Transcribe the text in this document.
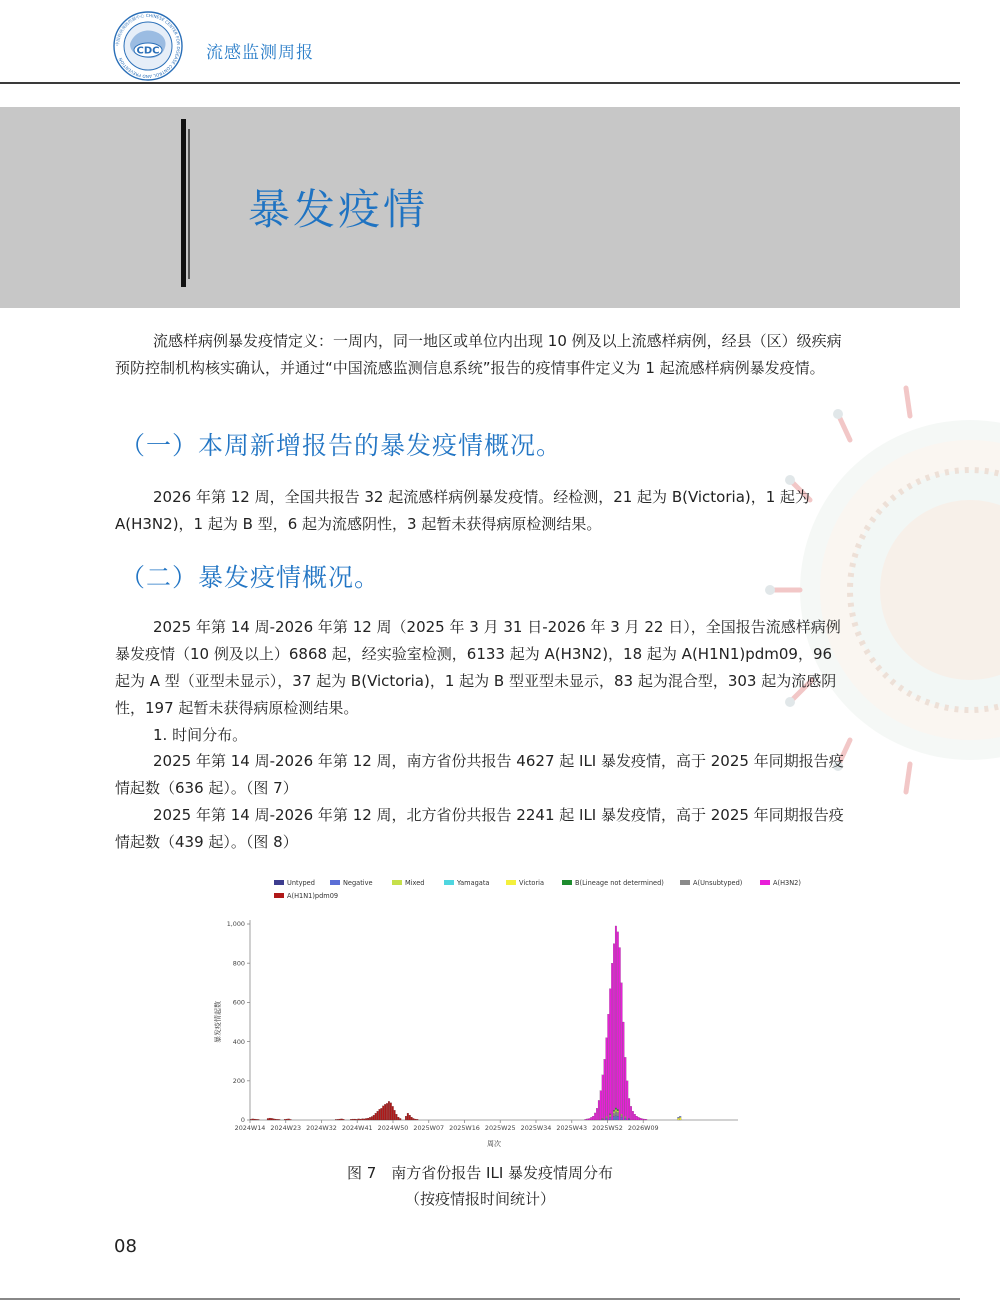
CDC
中国疾病预防控制中心 CHINESE CENTER FOR DISEASE CONTROL AND PREVENTION	流感监测周报
暴发疫情
流感样病例暴发疫情定义：一周内，同一地区或单位内出现 10 例及以上流感样病例，经县（区）级疾病预防控制机构核实确认，并通过“中国流感监测信息系统”报告的疫情事件定义为 1 起流感样病例暴发疫情。
（一）本周新增报告的暴发疫情概况。
2026 年第 12 周，全国共报告 32 起流感样病例暴发疫情。经检测，21 起为 B(Victoria)，1 起为 A(H3N2)，1 起为 B 型，6 起为流感阴性，3 起暂未获得病原检测结果。
（二）暴发疫情概况。
2025 年第 14 周-2026 年第 12 周（2025 年 3 月 31 日-2026 年 3 月 22 日），全国报告流感样病例暴发疫情（10 例及以上）6868 起，经实验室检测，6133 起为 A(H3N2)，18 起为 A(H1N1)pdm09，96 起为 A 型（亚型未显示），37 起为 B(Victoria)，1 起为 B 型亚型未显示，83 起为混合型，303 起为流感阴性，197 起暂未获得病原检测结果。
1. 时间分布。
2025 年第 14 周-2026 年第 12 周，南方省份共报告 4627 起 ILI 暴发疫情，高于 2025 年同期报告疫情起数（636 起）。（图 7）
2025 年第 14 周-2026 年第 12 周，北方省份共报告 2241 起 ILI 暴发疫情，高于 2025 年同期报告疫情起数（439 起）。（图 8）
Untyped	Negative	Mixed	Yamagata	Victoria	B(Lineage not determined)	A(Unsubtyped)	A(H3N2)
A(H1N1)pdm09
0
200
400
600
800
1,000
2024W14 2024W23 2024W32 2024W41 2024W50 2025W07 2025W16 2025W25 2025W34 2025W43 2025W52 2026W09
暴发疫情起数
周次
图 7　南方省份报告 ILI 暴发疫情周分布
（按疫情报时间统计）
08
